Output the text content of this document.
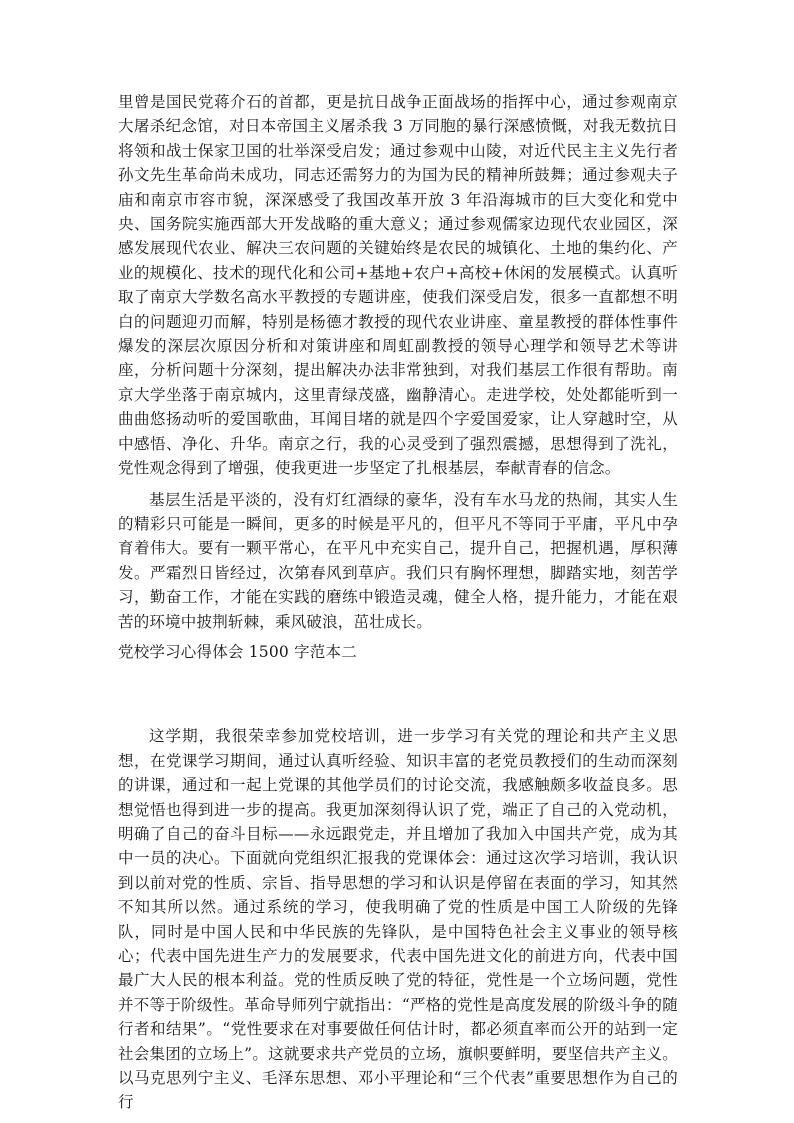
里曾是国民党蒋介石的首都，更是抗日战争正面战场的指挥中心，通过参观南京大屠杀纪念馆，对日本帝国主义屠杀我 3 万同胞的暴行深感愤慨，对我无数抗日将领和战士保家卫国的壮举深受启发；通过参观中山陵，对近代民主主义先行者孙文先生革命尚未成功，同志还需努力的为国为民的精神所鼓舞；通过参观夫子庙和南京市容市貌，深深感受了我国改革开放 3 年沿海城市的巨大变化和党中央、国务院实施西部大开发战略的重大意义；通过参观儒家边现代农业园区，深感发展现代农业、解决三农问题的关键始终是农民的城镇化、土地的集约化、产业的规模化、技术的现代化和公司+基地+农户+高校+休闲的发展模式。认真听取了南京大学数名高水平教授的专题讲座，使我们深受启发，很多一直都想不明白的问题迎刃而解，特别是杨德才教授的现代农业讲座、童星教授的群体性事件爆发的深层次原因分析和对策讲座和周虹副教授的领导心理学和领导艺术等讲座，分析问题十分深刻，提出解决办法非常独到，对我们基层工作很有帮助。南京大学坐落于南京城内，这里青绿茂盛，幽静清心。走进学校，处处都能听到一曲曲悠扬动听的爱国歌曲，耳闻目堵的就是四个字爱国爱家，让人穿越时空，从中感悟、净化、升华。南京之行，我的心灵受到了强烈震撼，思想得到了洗礼，党性观念得到了增强，使我更进一步坚定了扎根基层，奉献青春的信念。

基层生活是平淡的，没有灯红酒绿的豪华，没有车水马龙的热闹，其实人生的精彩只可能是一瞬间，更多的时候是平凡的，但平凡不等同于平庸，平凡中孕育着伟大。要有一颗平常心，在平凡中充实自己，提升自己，把握机遇，厚积薄发。严霜烈日皆经过，次第春风到草庐。我们只有胸怀理想，脚踏实地，刻苦学习，勤奋工作，才能在实践的磨练中锻造灵魂，健全人格，提升能力，才能在艰苦的环境中披荆斩棘，乘风破浪，茁壮成长。

党校学习心得体会 1500 字范本二

这学期，我很荣幸参加党校培训，进一步学习有关党的理论和共产主义思想，在党课学习期间，通过认真听经验、知识丰富的老党员教授们的生动而深刻的讲课，通过和一起上党课的其他学员们的讨论交流，我感触颇多收益良多。思想觉悟也得到进一步的提高。我更加深刻得认识了党，端正了自己的入党动机，明确了自己的奋斗目标——永远跟党走，并且增加了我加入中国共产党，成为其中一员的决心。下面就向党组织汇报我的党课体会：通过这次学习培训，我认识到以前对党的性质、宗旨、指导思想的学习和认识是停留在表面的学习，知其然不知其所以然。通过系统的学习，使我明确了党的性质是中国工人阶级的先锋队，同时是中国人民和中华民族的先锋队，是中国特色社会主义事业的领导核心；代表中国先进生产力的发展要求，代表中国先进文化的前进方向，代表中国最广大人民的根本利益。党的性质反映了党的特征，党性是一个立场问题，党性并不等于阶级性。革命导师列宁就指出：“严格的党性是高度发展的阶级斗争的随行者和结果”。“党性要求在对事要做任何估计时，都必须直率而公开的站到一定社会集团的立场上”。这就要求共产党员的立场，旗帜要鲜明，要坚信共产主义。以马克思列宁主义、毛泽东思想、邓小平理论和“三个代表”重要思想作为自己的行
